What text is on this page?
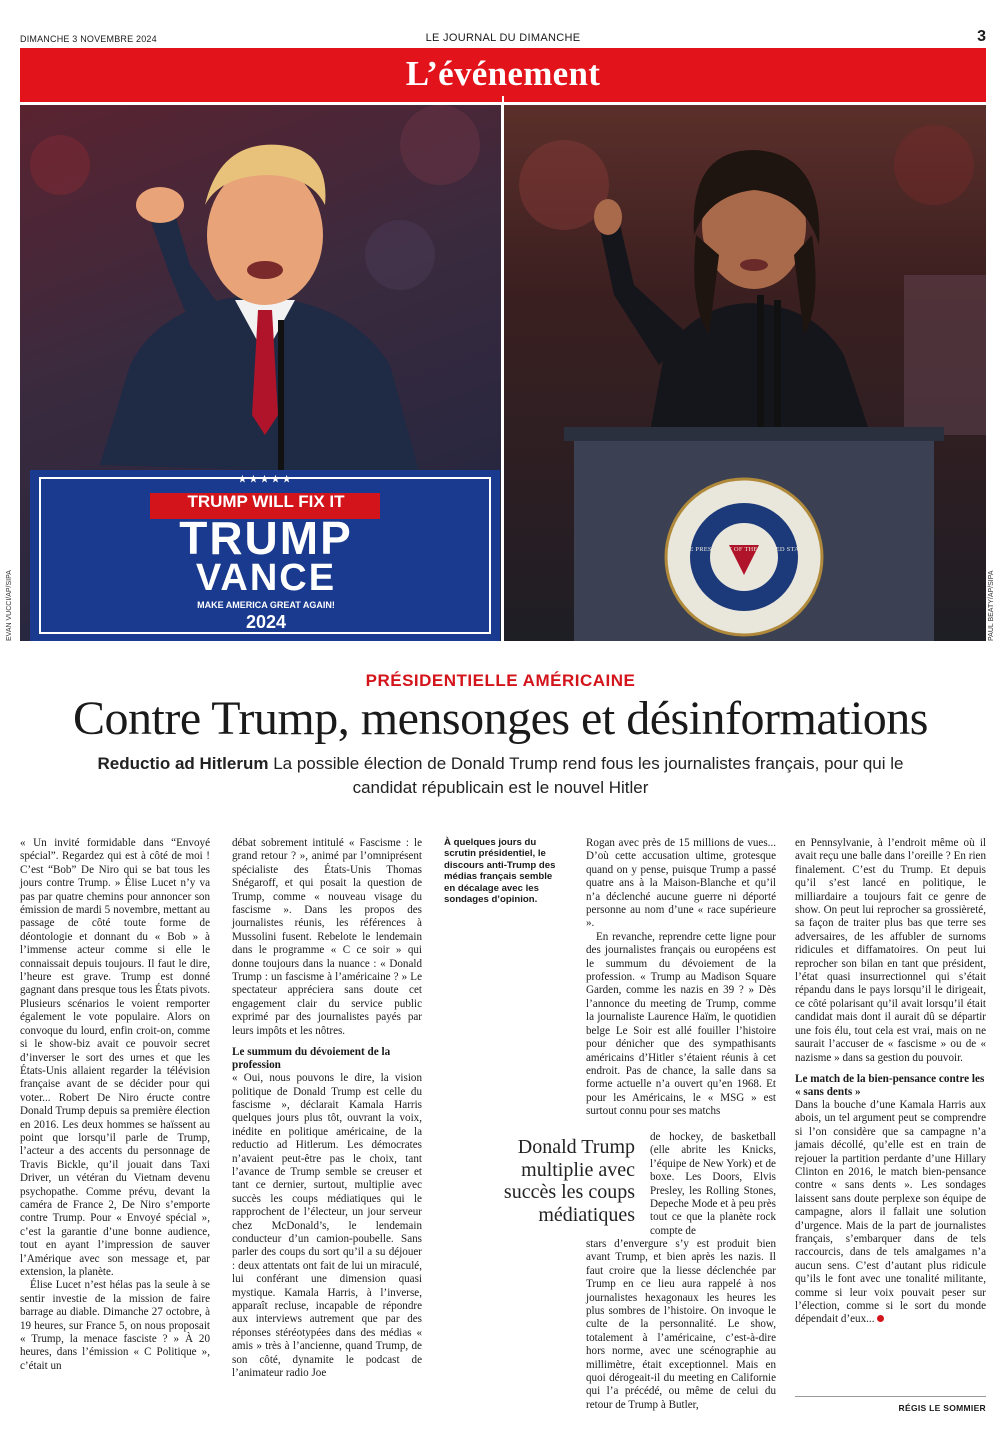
DIMANCHE 3 NOVEMBRE 2024	LE JOURNAL DU DIMANCHE	3
L’événement
★★★★★
TRUMP WILL FIX IT
TRUMP
VANCE
MAKE AMERICA GREAT AGAIN!
2024
VICE PRESIDENT OF THE UNITED STATES
EVAN VUCCI/AP/SIPA	PAUL BEATY/AP/SIPA
PRÉSIDENTIELLE AMÉRICAINE
Contre Trump, mensonges et désinformations
Reductio ad Hitlerum La possible élection de Donald Trump rend fous les journalistes français, pour qui le candidat républicain est le nouvel Hitler

« Un invité formidable dans “Envoyé spécial”. Regardez qui est à côté de moi ! C’est “Bob” De Niro qui se bat tous les jours contre Trump. » Élise Lucet n’y va pas par quatre chemins pour annoncer son émission de mardi 5 novembre, mettant au passage de côté toute forme de déontologie et donnant du « Bob » à l’immense acteur comme si elle le connaissait depuis toujours. Il faut le dire, l’heure est grave. Trump est donné gagnant dans presque tous les États pivots. Plusieurs scénarios le voient remporter également le vote populaire. Alors on convoque du lourd, enfin croit-on, comme si le show-biz avait ce pouvoir secret d’inverser le sort des urnes et que les États-Unis allaient regarder la télévision française avant de se décider pour qui voter... Robert De Niro éructe contre Donald Trump depuis sa première élection en 2016. Les deux hommes se haïssent au point que lorsqu’il parle de Trump, l’acteur a des accents du personnage de Travis Bickle, qu’il jouait dans Taxi Driver, un vétéran du Vietnam devenu psychopathe. Comme prévu, devant la caméra de France 2, De Niro s’emporte contre Trump. Pour « Envoyé spécial », c’est la garantie d’une bonne audience, tout en ayant l’impression de sauver l’Amérique avec son message et, par extension, la planète.

Élise Lucet n’est hélas pas la seule à se sentir investie de la mission de faire barrage au diable. Dimanche 27 octobre, à 19 heures, sur France 5, on nous proposait « Trump, la menace fasciste ? » À 20 heures, dans l’émission « C Politique », c’était un

débat sobrement intitulé « Fascisme : le grand retour ? », animé par l’omniprésent spécialiste des États-Unis Thomas Snégaroff, et qui posait la question de Trump, comme « nouveau visage du fascisme ». Dans les propos des journalistes réunis, les références à Mussolini fusent. Rebelote le lendemain dans le programme « C ce soir » qui donne toujours dans la nuance : « Donald Trump : un fascisme à l’américaine ? » Le spectateur appréciera sans doute cet engagement clair du service public exprimé par des journalistes payés par leurs impôts et les nôtres.

Le summum du dévoiement de la profession

« Oui, nous pouvons le dire, la vision politique de Donald Trump est celle du fascisme », déclarait Kamala Harris quelques jours plus tôt, ouvrant la voix, inédite en politique américaine, de la reductio ad Hitlerum. Les démocrates n’avaient peut-être pas le choix, tant l’avance de Trump semble se creuser et tant ce dernier, surtout, multiplie avec succès les coups médiatiques qui le rapprochent de l’électeur, un jour serveur chez McDonald’s, le lendemain conducteur d’un camion-poubelle. Sans parler des coups du sort qu’il a su déjouer : deux attentats ont fait de lui un miraculé, lui conférant une dimension quasi mystique. Kamala Harris, à l’inverse, apparaît recluse, incapable de répondre aux interviews autrement que par des réponses stéréotypées dans des médias « amis » très à l’ancienne, quand Trump, de son côté, dynamite le podcast de l’animateur radio Joe

À quelques jours du scrutin présidentiel, le discours anti-Trump des médias français semble en décalage avec les sondages d’opinion.

Rogan avec près de 15 millions de vues... D’où cette accusation ultime, grotesque quand on y pense, puisque Trump a passé quatre ans à la Maison-Blanche et qu’il n’a déclenché aucune guerre ni déporté personne au nom d’une « race supérieure ».

En revanche, reprendre cette ligne pour des journalistes français ou européens est le summum du dévoiement de la profession. « Trump au Madison Square Garden, comme les nazis en 39 ? » Dès l’annonce du meeting de Trump, comme la journaliste Laurence Haïm, le quotidien belge Le Soir est allé fouiller l’histoire pour dénicher que des sympathisants américains d’Hitler s’étaient réunis à cet endroit. Pas de chance, la salle dans sa forme actuelle n’a ouvert qu’en 1968. Et pour les Américains, le « MSG » est surtout connu pour ses matchs

Donald Trump multiplie avec succès les coups médiatiques

de hockey, de basketball (elle abrite les Knicks, l’équipe de New York) et de boxe. Les Doors, Elvis Presley, les Rolling Stones, Depeche Mode et à peu près tout ce que la planète rock compte de

stars d’envergure s’y est produit bien avant Trump, et bien après les nazis. Il faut croire que la liesse déclenchée par Trump en ce lieu aura rappelé à nos journalistes hexagonaux les heures les plus sombres de l’histoire. On invoque le culte de la personnalité. Le show, totalement à l’américaine, c’est-à-dire hors norme, avec une scénographie au millimètre, était exceptionnel. Mais en quoi dérogeait-il du meeting en Californie qui l’a précédé, ou même de celui du retour de Trump à Butler,

en Pennsylvanie, à l’endroit même où il avait reçu une balle dans l’oreille ? En rien finalement. C’est du Trump. Et depuis qu’il s’est lancé en politique, le milliardaire a toujours fait ce genre de show. On peut lui reprocher sa grossièreté, sa façon de traiter plus bas que terre ses adversaires, de les affubler de surnoms ridicules et diffamatoires. On peut lui reprocher son bilan en tant que président, l’état quasi insurrectionnel qui s’était répandu dans le pays lorsqu’il le dirigeait, ce côté polarisant qu’il avait lorsqu’il était candidat mais dont il aurait dû se départir une fois élu, tout cela est vrai, mais on ne saurait l’accuser de « fascisme » ou de « nazisme » dans sa gestion du pouvoir.

Le match de la bien-pensance contre les « sans dents »

Dans la bouche d’une Kamala Harris aux abois, un tel argument peut se comprendre si l’on considère que sa campagne n’a jamais décollé, qu’elle est en train de rejouer la partition perdante d’une Hillary Clinton en 2016, le match bien-pensance contre « sans dents ». Les sondages laissent sans doute perplexe son équipe de campagne, alors il fallait une solution d’urgence. Mais de la part de journalistes français, s’embarquer dans de tels raccourcis, dans de tels amalgames n’a aucun sens. C’est d’autant plus ridicule qu’ils le font avec une tonalité militante, comme si leur voix pouvait peser sur l’élection, comme si le sort du monde dépendait d’eux...

RÉGIS LE SOMMIER
